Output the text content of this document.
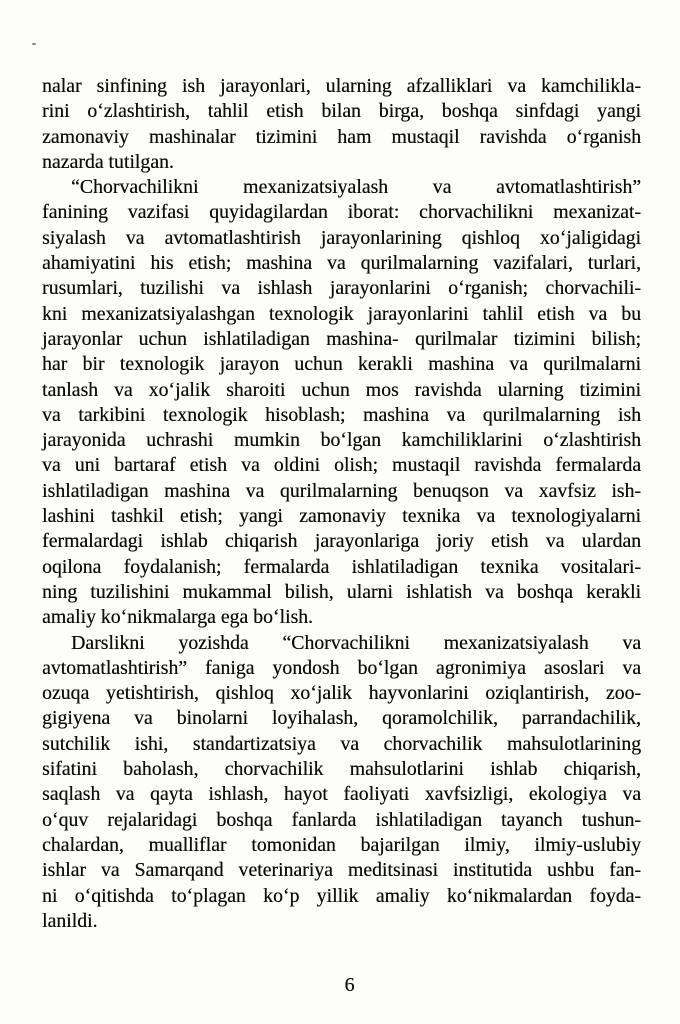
nalar sinfining ish jarayonlari, ularning afzalliklari va kamchilikla-
rini o‘zlashtirish, tahlil etish bilan birga, boshqa sinfdagi yangi
zamonaviy mashinalar tizimini ham mustaqil ravishda o‘rganish
nazarda tutilgan.
“Chorvachilikni mexanizatsiyalash va avtomatlashtirish”
fanining vazifasi quyidagilardan iborat: chorvachilikni mexanizat-
siyalash va avtomatlashtirish jarayonlarining qishloq xo‘jaligidagi
ahamiyatini his etish; mashina va qurilmalarning vazifalari, turlari,
rusumlari, tuzilishi va ishlash jarayonlarini o‘rganish; chorvachili-
kni mexanizatsiyalashgan texnologik jarayonlarini tahlil etish va bu
jarayonlar uchun ishlatiladigan mashina- qurilmalar tizimini bilish;
har bir texnologik jarayon uchun kerakli mashina va qurilmalarni
tanlash va xo‘jalik sharoiti uchun mos ravishda ularning tizimini
va tarkibini texnologik hisoblash; mashina va qurilmalarning ish
jarayonida uchrashi mumkin bo‘lgan kamchiliklarini o‘zlashtirish
va uni bartaraf etish va oldini olish; mustaqil ravishda fermalarda
ishlatiladigan mashina va qurilmalarning benuqson va xavfsiz ish-
lashini tashkil etish; yangi zamonaviy texnika va texnologiyalarni
fermalardagi ishlab chiqarish jarayonlariga joriy etish va ulardan
oqilona foydalanish; fermalarda ishlatiladigan texnika vositalari-
ning tuzilishini mukammal bilish, ularni ishlatish va boshqa kerakli
amaliy ko‘nikmalarga ega bo‘lish.
Darslikni yozishda “Chorvachilikni mexanizatsiyalash va
avtomatlashtirish” faniga yondosh bo‘lgan agronimiya asoslari va
ozuqa yetishtirish, qishloq xo‘jalik hayvonlarini oziqlantirish, zoo-
gigiyena va binolarni loyihalash, qoramolchilik, parrandachilik,
sutchilik ishi, standartizatsiya va chorvachilik mahsulotlarining
sifatini baholash, chorvachilik mahsulotlarini ishlab chiqarish,
saqlash va qayta ishlash, hayot faoliyati xavfsizligi, ekologiya va
o‘quv rejalaridagi boshqa fanlarda ishlatiladigan tayanch tushun-
chalardan, mualliflar tomonidan bajarilgan ilmiy, ilmiy-uslubiy
ishlar va Samarqand veterinariya meditsinasi institutida ushbu fan-
ni o‘qitishda to‘plagan ko‘p yillik amaliy ko‘nikmalardan foyda-
lanildi.
6
